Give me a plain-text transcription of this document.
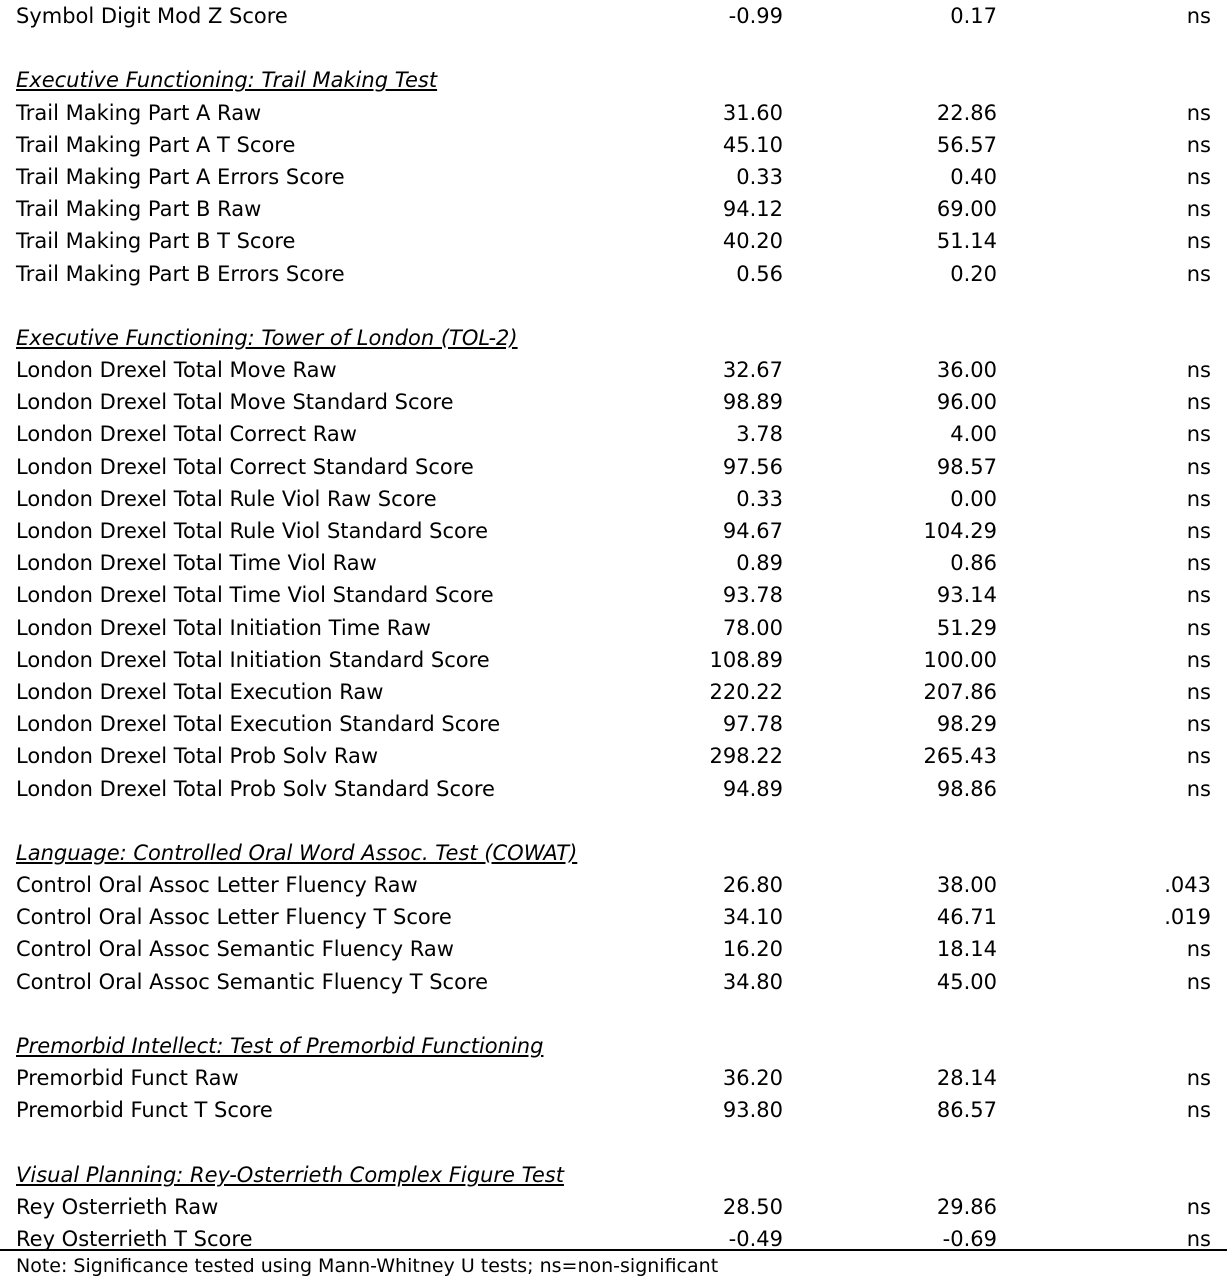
Symbol Digit Mod Z Score	-0.99	0.17	ns
Executive Functioning: Trail Making Test
Trail Making Part A Raw	31.60	22.86	ns
Trail Making Part A T Score	45.10	56.57	ns
Trail Making Part A Errors Score	0.33	0.40	ns
Trail Making Part B Raw	94.12	69.00	ns
Trail Making Part B T Score	40.20	51.14	ns
Trail Making Part B Errors Score	0.56	0.20	ns
Executive Functioning: Tower of London (TOL-2)
London Drexel Total Move Raw	32.67	36.00	ns
London Drexel Total Move Standard Score	98.89	96.00	ns
London Drexel Total Correct Raw	3.78	4.00	ns
London Drexel Total Correct Standard Score	97.56	98.57	ns
London Drexel Total Rule Viol Raw Score	0.33	0.00	ns
London Drexel Total Rule Viol Standard Score	94.67	104.29	ns
London Drexel Total Time Viol Raw	0.89	0.86	ns
London Drexel Total Time Viol Standard Score	93.78	93.14	ns
London Drexel Total Initiation Time Raw	78.00	51.29	ns
London Drexel Total Initiation Standard Score	108.89	100.00	ns
London Drexel Total Execution Raw	220.22	207.86	ns
London Drexel Total Execution Standard Score	97.78	98.29	ns
London Drexel Total Prob Solv Raw	298.22	265.43	ns
London Drexel Total Prob Solv Standard Score	94.89	98.86	ns
Language: Controlled Oral Word Assoc. Test (COWAT)
Control Oral Assoc Letter Fluency Raw	26.80	38.00	.043
Control Oral Assoc Letter Fluency T Score	34.10	46.71	.019
Control Oral Assoc Semantic Fluency Raw	16.20	18.14	ns
Control Oral Assoc Semantic Fluency T Score	34.80	45.00	ns
Premorbid Intellect: Test of Premorbid Functioning
Premorbid Funct Raw	36.20	28.14	ns
Premorbid Funct T Score	93.80	86.57	ns
Visual Planning: Rey-Osterrieth Complex Figure Test
Rey Osterrieth Raw	28.50	29.86	ns
Rey Osterrieth T Score	-0.49	-0.69	ns
Note: Significance tested using Mann-Whitney U tests; ns=non-significant
